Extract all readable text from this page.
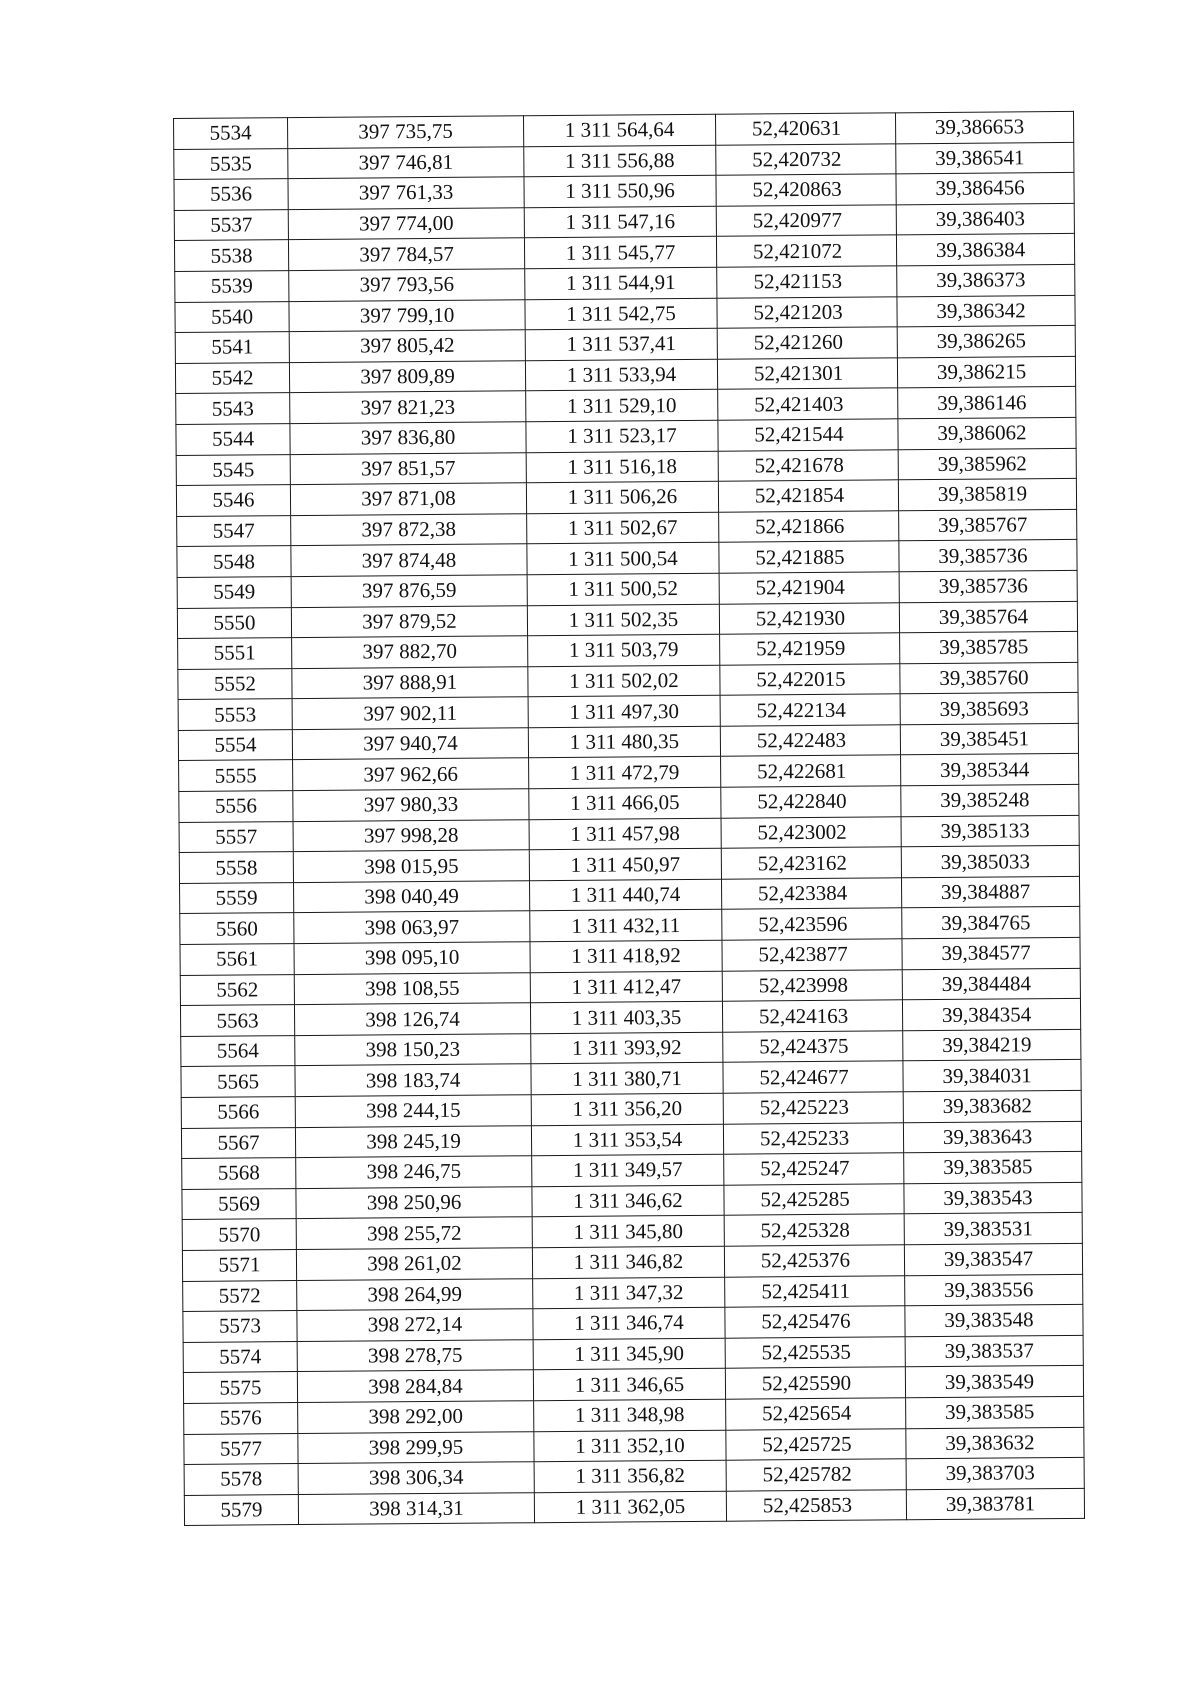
5534	397 735,75	1 311 564,64	52,420631	39,386653
5535	397 746,81	1 311 556,88	52,420732	39,386541
5536	397 761,33	1 311 550,96	52,420863	39,386456
5537	397 774,00	1 311 547,16	52,420977	39,386403
5538	397 784,57	1 311 545,77	52,421072	39,386384
5539	397 793,56	1 311 544,91	52,421153	39,386373
5540	397 799,10	1 311 542,75	52,421203	39,386342
5541	397 805,42	1 311 537,41	52,421260	39,386265
5542	397 809,89	1 311 533,94	52,421301	39,386215
5543	397 821,23	1 311 529,10	52,421403	39,386146
5544	397 836,80	1 311 523,17	52,421544	39,386062
5545	397 851,57	1 311 516,18	52,421678	39,385962
5546	397 871,08	1 311 506,26	52,421854	39,385819
5547	397 872,38	1 311 502,67	52,421866	39,385767
5548	397 874,48	1 311 500,54	52,421885	39,385736
5549	397 876,59	1 311 500,52	52,421904	39,385736
5550	397 879,52	1 311 502,35	52,421930	39,385764
5551	397 882,70	1 311 503,79	52,421959	39,385785
5552	397 888,91	1 311 502,02	52,422015	39,385760
5553	397 902,11	1 311 497,30	52,422134	39,385693
5554	397 940,74	1 311 480,35	52,422483	39,385451
5555	397 962,66	1 311 472,79	52,422681	39,385344
5556	397 980,33	1 311 466,05	52,422840	39,385248
5557	397 998,28	1 311 457,98	52,423002	39,385133
5558	398 015,95	1 311 450,97	52,423162	39,385033
5559	398 040,49	1 311 440,74	52,423384	39,384887
5560	398 063,97	1 311 432,11	52,423596	39,384765
5561	398 095,10	1 311 418,92	52,423877	39,384577
5562	398 108,55	1 311 412,47	52,423998	39,384484
5563	398 126,74	1 311 403,35	52,424163	39,384354
5564	398 150,23	1 311 393,92	52,424375	39,384219
5565	398 183,74	1 311 380,71	52,424677	39,384031
5566	398 244,15	1 311 356,20	52,425223	39,383682
5567	398 245,19	1 311 353,54	52,425233	39,383643
5568	398 246,75	1 311 349,57	52,425247	39,383585
5569	398 250,96	1 311 346,62	52,425285	39,383543
5570	398 255,72	1 311 345,80	52,425328	39,383531
5571	398 261,02	1 311 346,82	52,425376	39,383547
5572	398 264,99	1 311 347,32	52,425411	39,383556
5573	398 272,14	1 311 346,74	52,425476	39,383548
5574	398 278,75	1 311 345,90	52,425535	39,383537
5575	398 284,84	1 311 346,65	52,425590	39,383549
5576	398 292,00	1 311 348,98	52,425654	39,383585
5577	398 299,95	1 311 352,10	52,425725	39,383632
5578	398 306,34	1 311 356,82	52,425782	39,383703
5579	398 314,31	1 311 362,05	52,425853	39,383781
